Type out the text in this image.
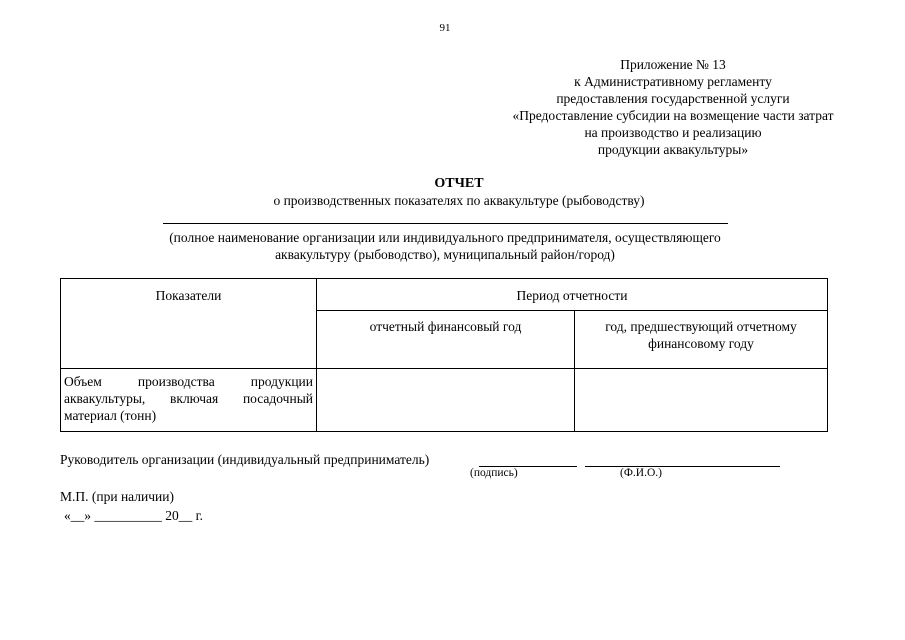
91
Приложение № 13
к Административному регламенту
предоставления государственной услуги
«Предоставление субсидии на возмещение части затрат
на производство и реализацию
продукции аквакультуры»
ОТЧЕТ
о производственных показателях по аквакультуре (рыбоводству)
(полное наименование организации или индивидуального предпринимателя, осуществляющего
аквакультуру (рыбоводство), муниципальный район/город)
Показатели	Период отчетности	
	отчетный финансовый год	год, предшествующий отчетному
финансовому году

Объем производства продукции
аквакультуры, включая посадочный
материал (тонн)		

Руководитель организации (индивидуальный предприниматель)
(подпись)	(Ф.И.О.)
М.П. (при наличии)
«__» __________ 20__ г.
